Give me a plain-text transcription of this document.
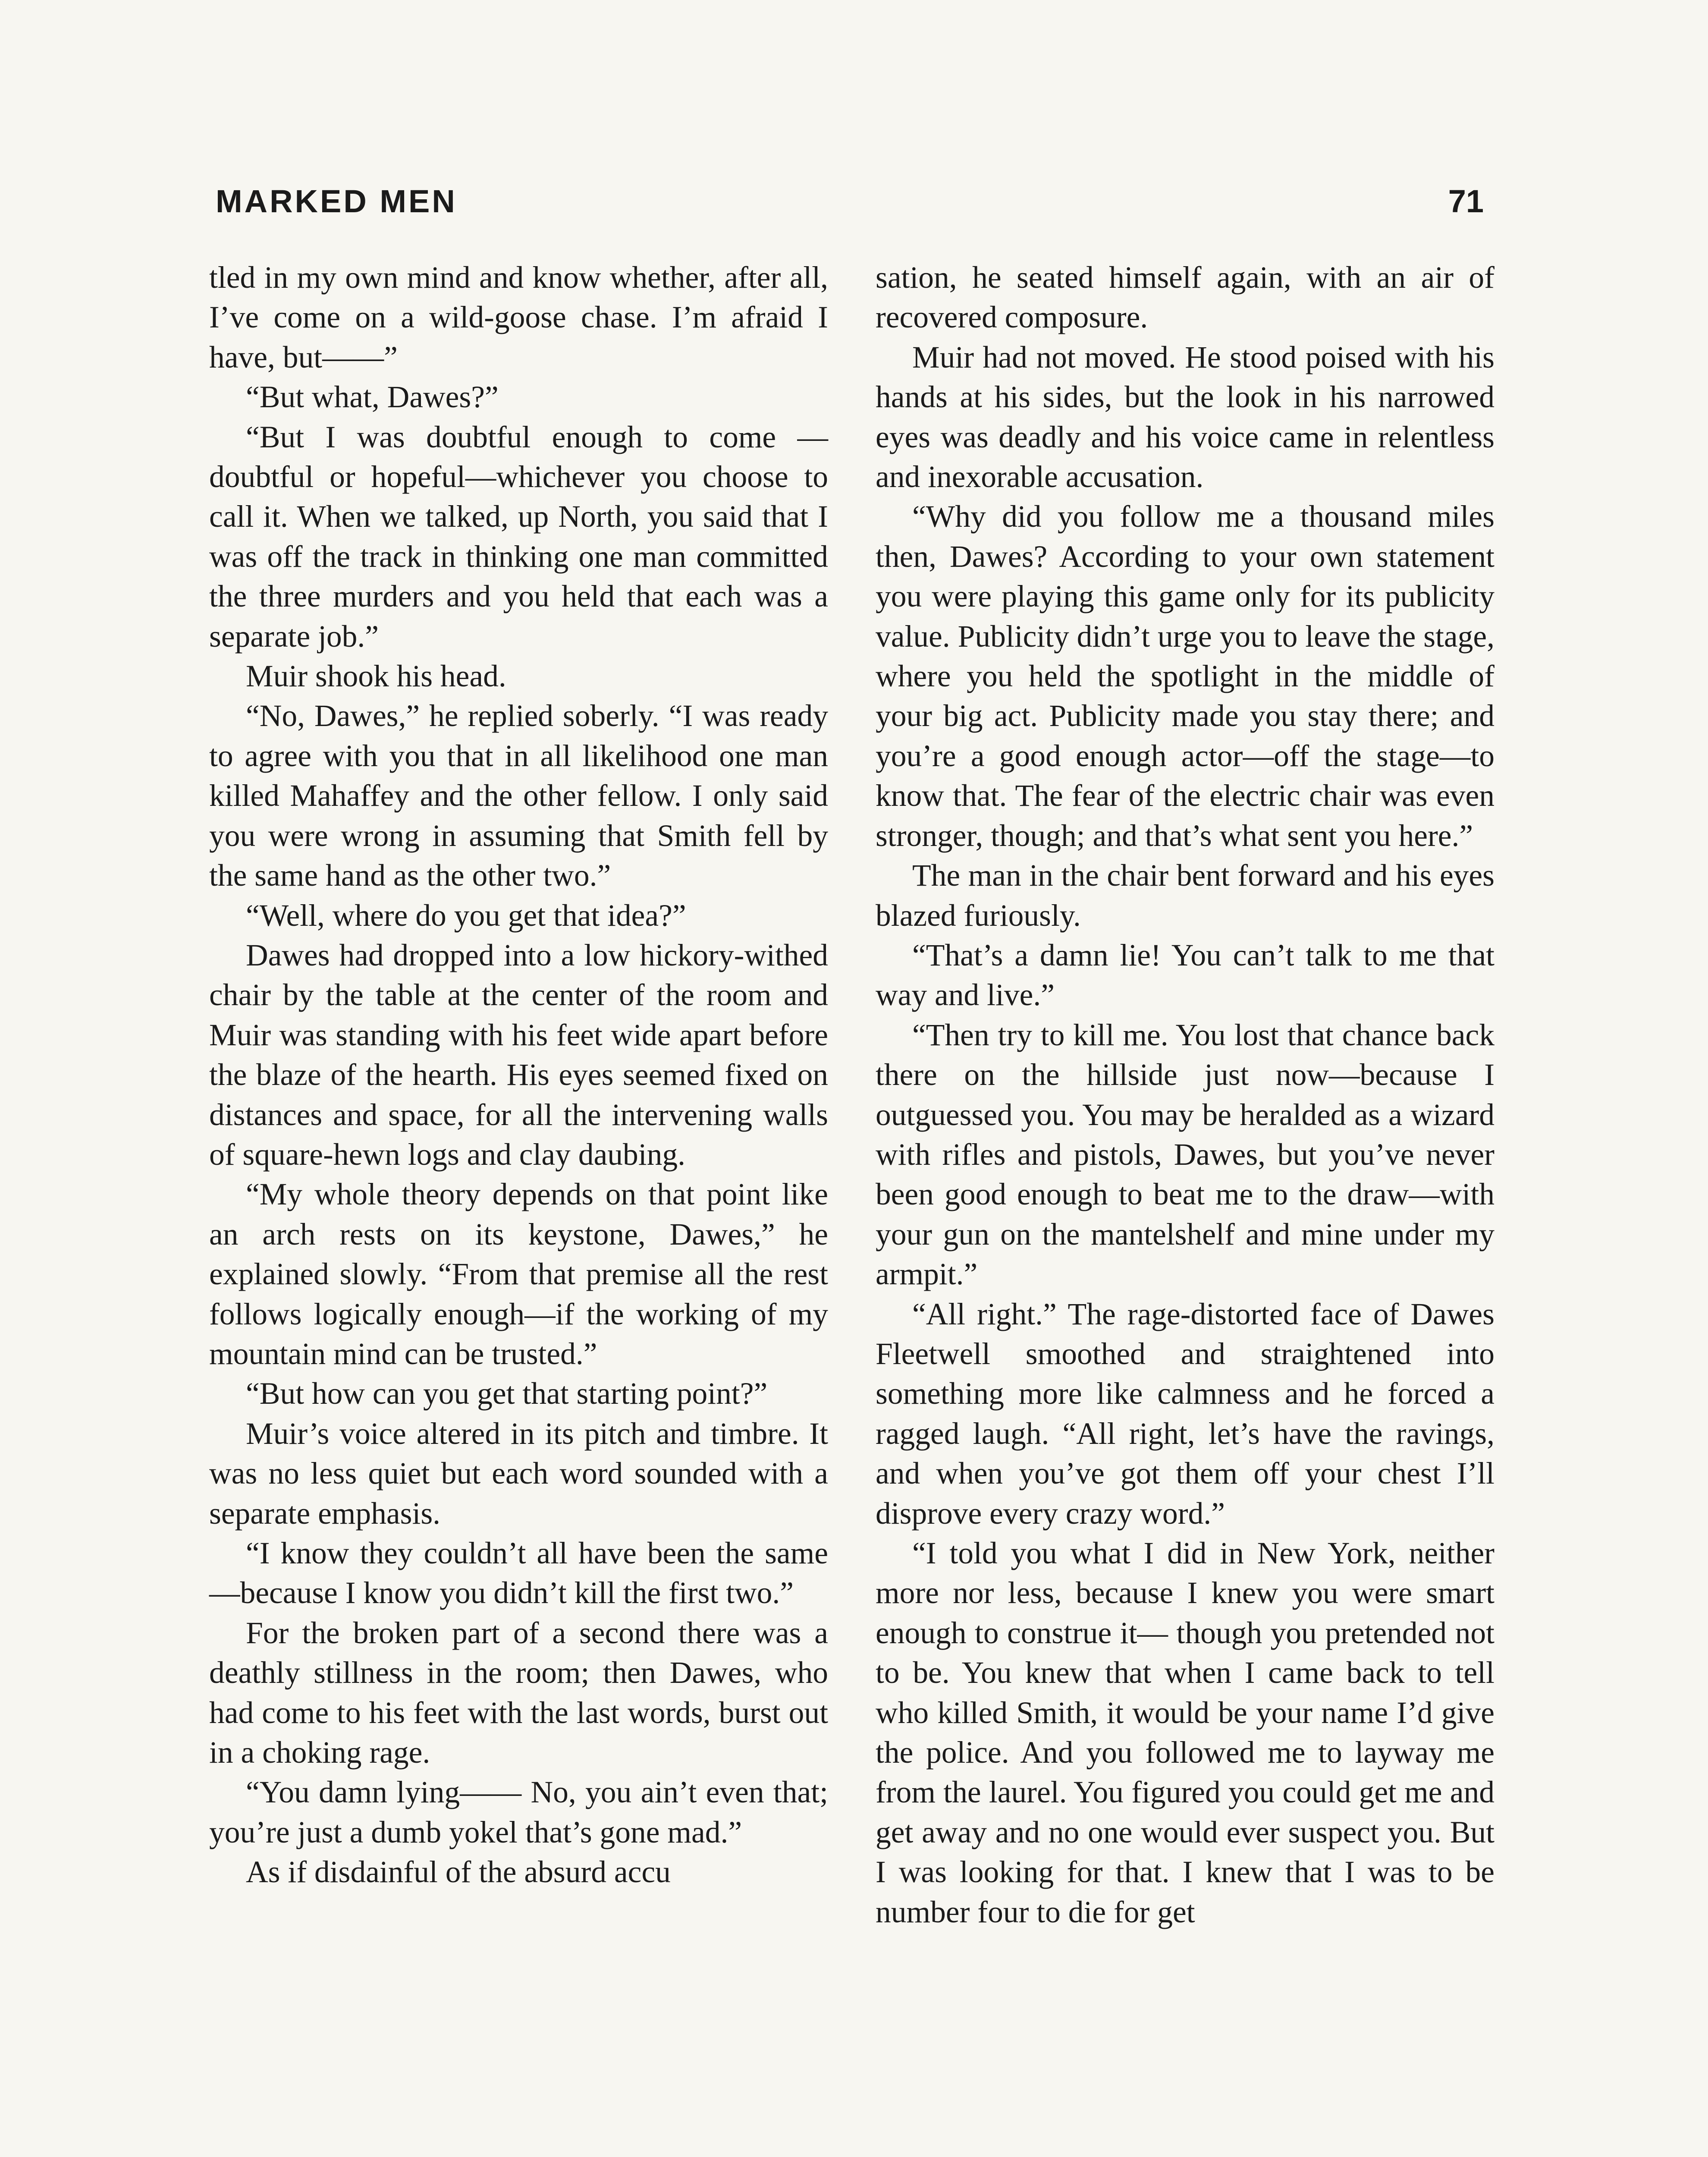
MARKED MEN	71

tled in my own mind and know whether, after all, I’ve come on a wild-goose chase. I’m afraid I have, but——”

“But what, Dawes?”

“But I was doubtful enough to come —doubtful or hopeful—whichever you choose to call it. When we talked, up North, you said that I was off the track in thinking one man committed the three murders and you held that each was a separate job.”

Muir shook his head.

“No, Dawes,” he replied soberly. “I was ready to agree with you that in all likelihood one man killed Mahaffey and the other fellow. I only said you were wrong in assuming that Smith fell by the same hand as the other two.”

“Well, where do you get that idea?”

Dawes had dropped into a low hickory-withed chair by the table at the center of the room and Muir was standing with his feet wide apart before the blaze of the hearth. His eyes seemed fixed on distances and space, for all the intervening walls of square-hewn logs and clay daubing.

“My whole theory depends on that point like an arch rests on its keystone, Dawes,” he explained slowly. “From that premise all the rest follows logically enough—if the working of my mountain mind can be trusted.”

“But how can you get that starting point?”

Muir’s voice altered in its pitch and timbre. It was no less quiet but each word sounded with a separate emphasis.

“I know they couldn’t all have been the same—because I know you didn’t kill the first two.”

For the broken part of a second there was a deathly stillness in the room; then Dawes, who had come to his feet with the last words, burst out in a choking rage.

“You damn lying—— No, you ain’t even that; you’re just a dumb yokel that’s gone mad.”

As if disdainful of the absurd accu

sation, he seated himself again, with an air of recovered composure.

Muir had not moved. He stood poised with his hands at his sides, but the look in his narrowed eyes was deadly and his voice came in relentless and inexorable accusation.

“Why did you follow me a thousand miles then, Dawes? According to your own statement you were playing this game only for its publicity value. Publicity didn’t urge you to leave the stage, where you held the spotlight in the middle of your big act. Publicity made you stay there; and you’re a good enough actor—off the stage—to know that. The fear of the electric chair was even stronger, though; and that’s what sent you here.”

The man in the chair bent forward and his eyes blazed furiously.

“That’s a damn lie! You can’t talk to me that way and live.”

“Then try to kill me. You lost that chance back there on the hillside just now—because I outguessed you. You may be heralded as a wizard with rifles and pistols, Dawes, but you’ve never been good enough to beat me to the draw—with your gun on the mantelshelf and mine under my armpit.”

“All right.” The rage-distorted face of Dawes Fleetwell smoothed and straightened into something more like calmness and he forced a ragged laugh. “All right, let’s have the ravings, and when you’ve got them off your chest I’ll disprove every crazy word.”

“I told you what I did in New York, neither more nor less, because I knew you were smart enough to construe it— though you pretended not to be. You knew that when I came back to tell who killed Smith, it would be your name I’d give the police. And you followed me to layway me from the laurel. You figured you could get me and get away and no one would ever suspect you. But I was looking for that. I knew that I was to be number four to die for get
